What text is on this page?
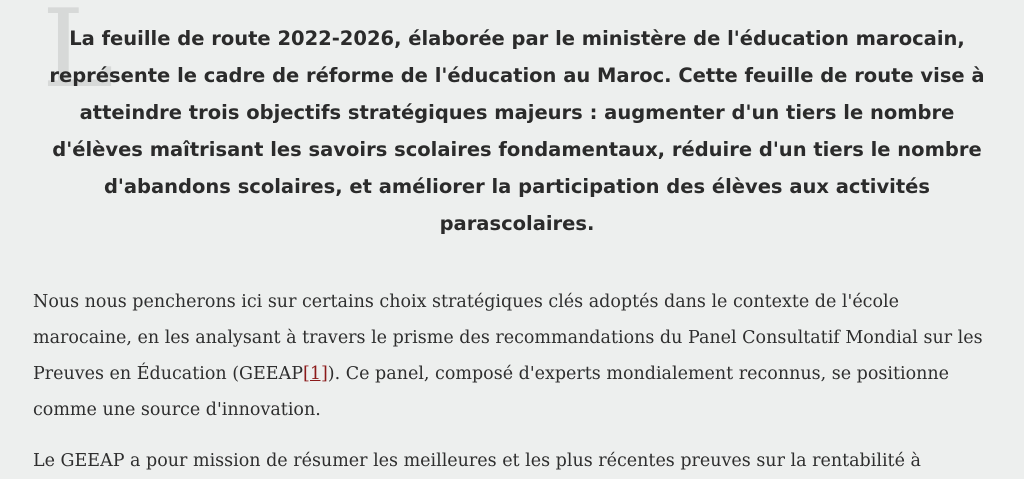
L

La feuille de route 2022-2026, élaborée par le ministère de l'éducation marocain, représente le cadre de réforme de l'éducation au Maroc. Cette feuille de route vise à atteindre trois objectifs stratégiques majeurs : augmenter d'un tiers le nombre d'élèves maîtrisant les savoirs scolaires fondamentaux, réduire d'un tiers le nombre d'abandons scolaires, et améliorer la participation des élèves aux activités parascolaires.

Nous nous pencherons ici sur certains choix stratégiques clés adoptés dans le contexte de l'école marocaine, en les analysant à travers le prisme des recommandations du Panel Consultatif Mondial sur les Preuves en Éducation (GEEAP[1]). Ce panel, composé d'experts mondialement reconnus, se positionne comme une source d'innovation.

Le GEEAP a pour mission de résumer les meilleures et les plus récentes preuves sur la rentabilité à
